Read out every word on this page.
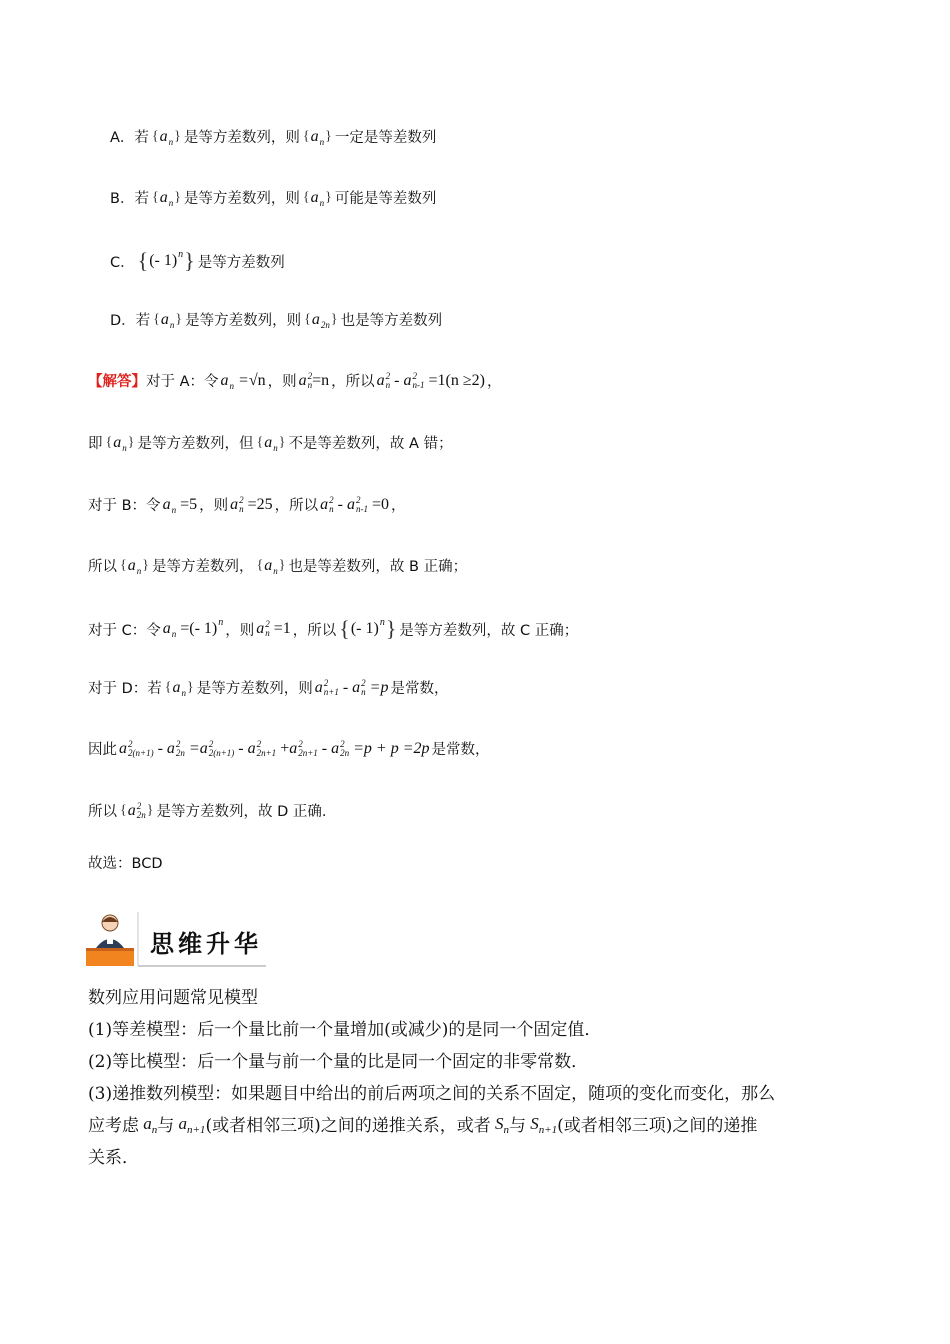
A． 若 { a n } 是等方差数列，则 { a n } 一定是等差数列
B． 若 { a n } 是等方差数列，则 { a n } 可能是等差数列
C． { (- 1) n } 是等方差数列
D． 若 { a n } 是等方差数列，则 { a 2n } 也是等方差数列
【解答】 对于 A：令 a n = √n ，则 a 2
n =n ，所以 a 2
n
-
a 2
n-1
=1 (n ≥2) ，
即 { a n } 是等方差数列，但 { a n } 不是等差数列，故 A 错；
对于 B：令 a n
=5 ，则 a 2
n
=25 ，所以 a 2
n
-
a 2
n-1
=0 ，
所以 { a n } 是等方差数列， { a n } 也是等差数列，故 B 正确；
对于 C：令 a n
=(- 1) n
，则 a 2
n
=1 ，所以 { (- 1) n } 是等方差数列，故 C 正确；
对于 D：若 { a n } 是等方差数列，则 a 2
n+1
-
a 2
n
=p 是常数，
因此 a 2
2(n+1)
-
a 2
2n = a 2
2(n+1)
-
a 2
2n+1
+ a 2
2n+1
-
a 2
2n
=p + p =2p 是常数，
所以 { a 2
2n } 是等方差数列，故 D 正确.
故选：BCD
思维升华
数列应用问题常见模型
(1)等差模型：后一个量比前一个量增加(或减少)的是同一个固定值．
(2)等比模型：后一个量与前一个量的比是同一个固定的非零常数．
(3)递推数列模型：如果题目中给出的前后两项之间的关系不固定，随项的变化而变化，那么
应考虑 $a_n$ 与 $a_{n+1}$ (或者相邻三项)之间的递推关系，或者 $S_n$ 与 $S_{n+1}$ (或者相邻三项)之间的递推
关系．
